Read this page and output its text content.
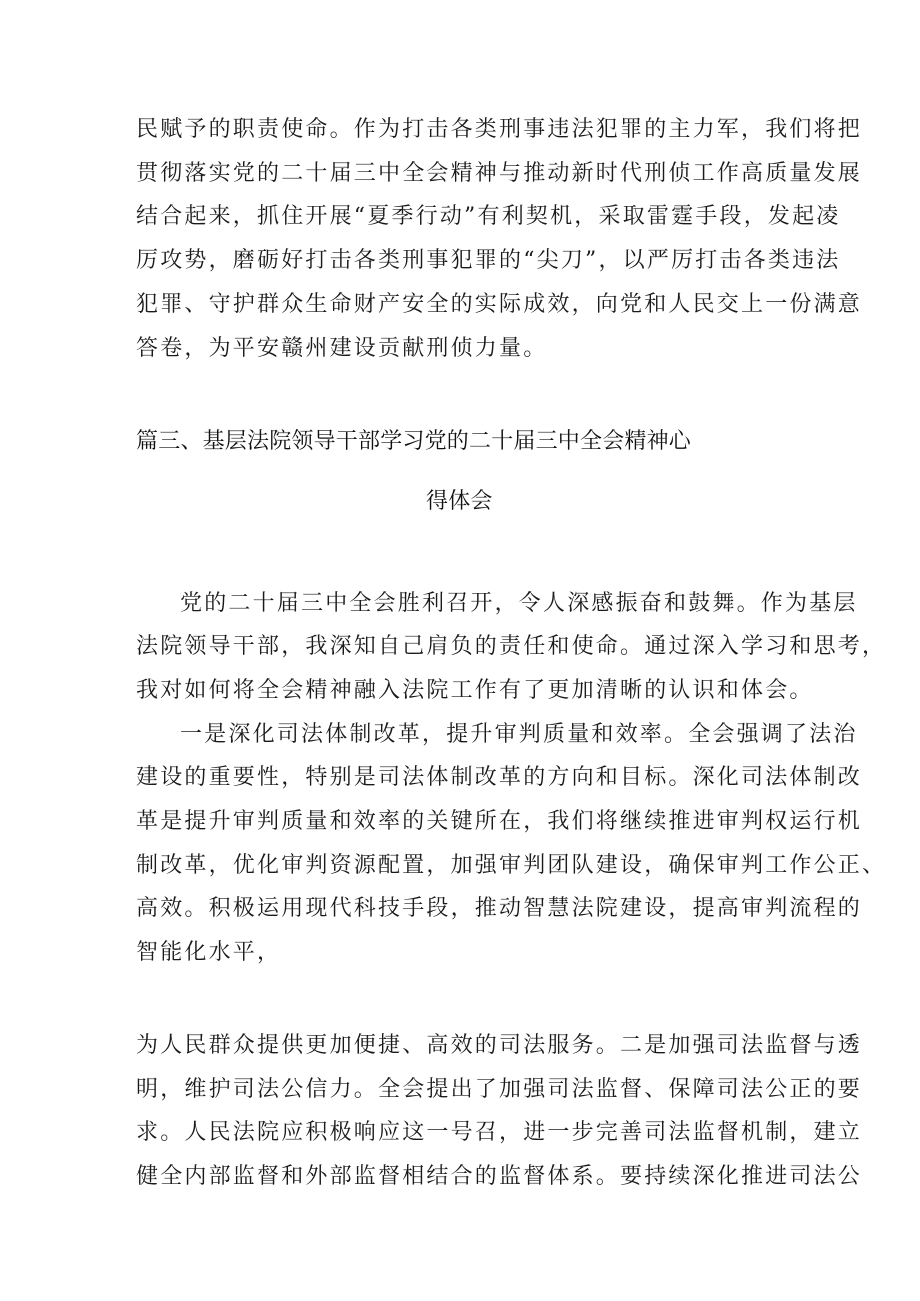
民赋予的职责使命。作为打击各类刑事违法犯罪的主力军，我们将把
贯彻落实党的二十届三中全会精神与推动新时代刑侦工作高质量发展
结合起来，抓住开展“夏季行动”有利契机，采取雷霆手段，发起凌
厉攻势，磨砺好打击各类刑事犯罪的“尖刀”，以严厉打击各类违法
犯罪、守护群众生命财产安全的实际成效，向党和人民交上一份满意
答卷，为平安赣州建设贡献刑侦力量。
篇三、基层法院领导干部学习党的二十届三中全会精神心
得体会
党的二十届三中全会胜利召开，令人深感振奋和鼓舞。作为基层
法院领导干部，我深知自己肩负的责任和使命。通过深入学习和思考，
我对如何将全会精神融入法院工作有了更加清晰的认识和体会。
一是深化司法体制改革，提升审判质量和效率。全会强调了法治
建设的重要性，特别是司法体制改革的方向和目标。深化司法体制改
革是提升审判质量和效率的关键所在，我们将继续推进审判权运行机
制改革，优化审判资源配置，加强审判团队建设，确保审判工作公正、
高效。积极运用现代科技手段，推动智慧法院建设，提高审判流程的
智能化水平，
为人民群众提供更加便捷、高效的司法服务。二是加强司法监督与透
明，维护司法公信力。全会提出了加强司法监督、保障司法公正的要
求。人民法院应积极响应这一号召，进一步完善司法监督机制，建立
健全内部监督和外部监督相结合的监督体系。要持续深化推进司法公
